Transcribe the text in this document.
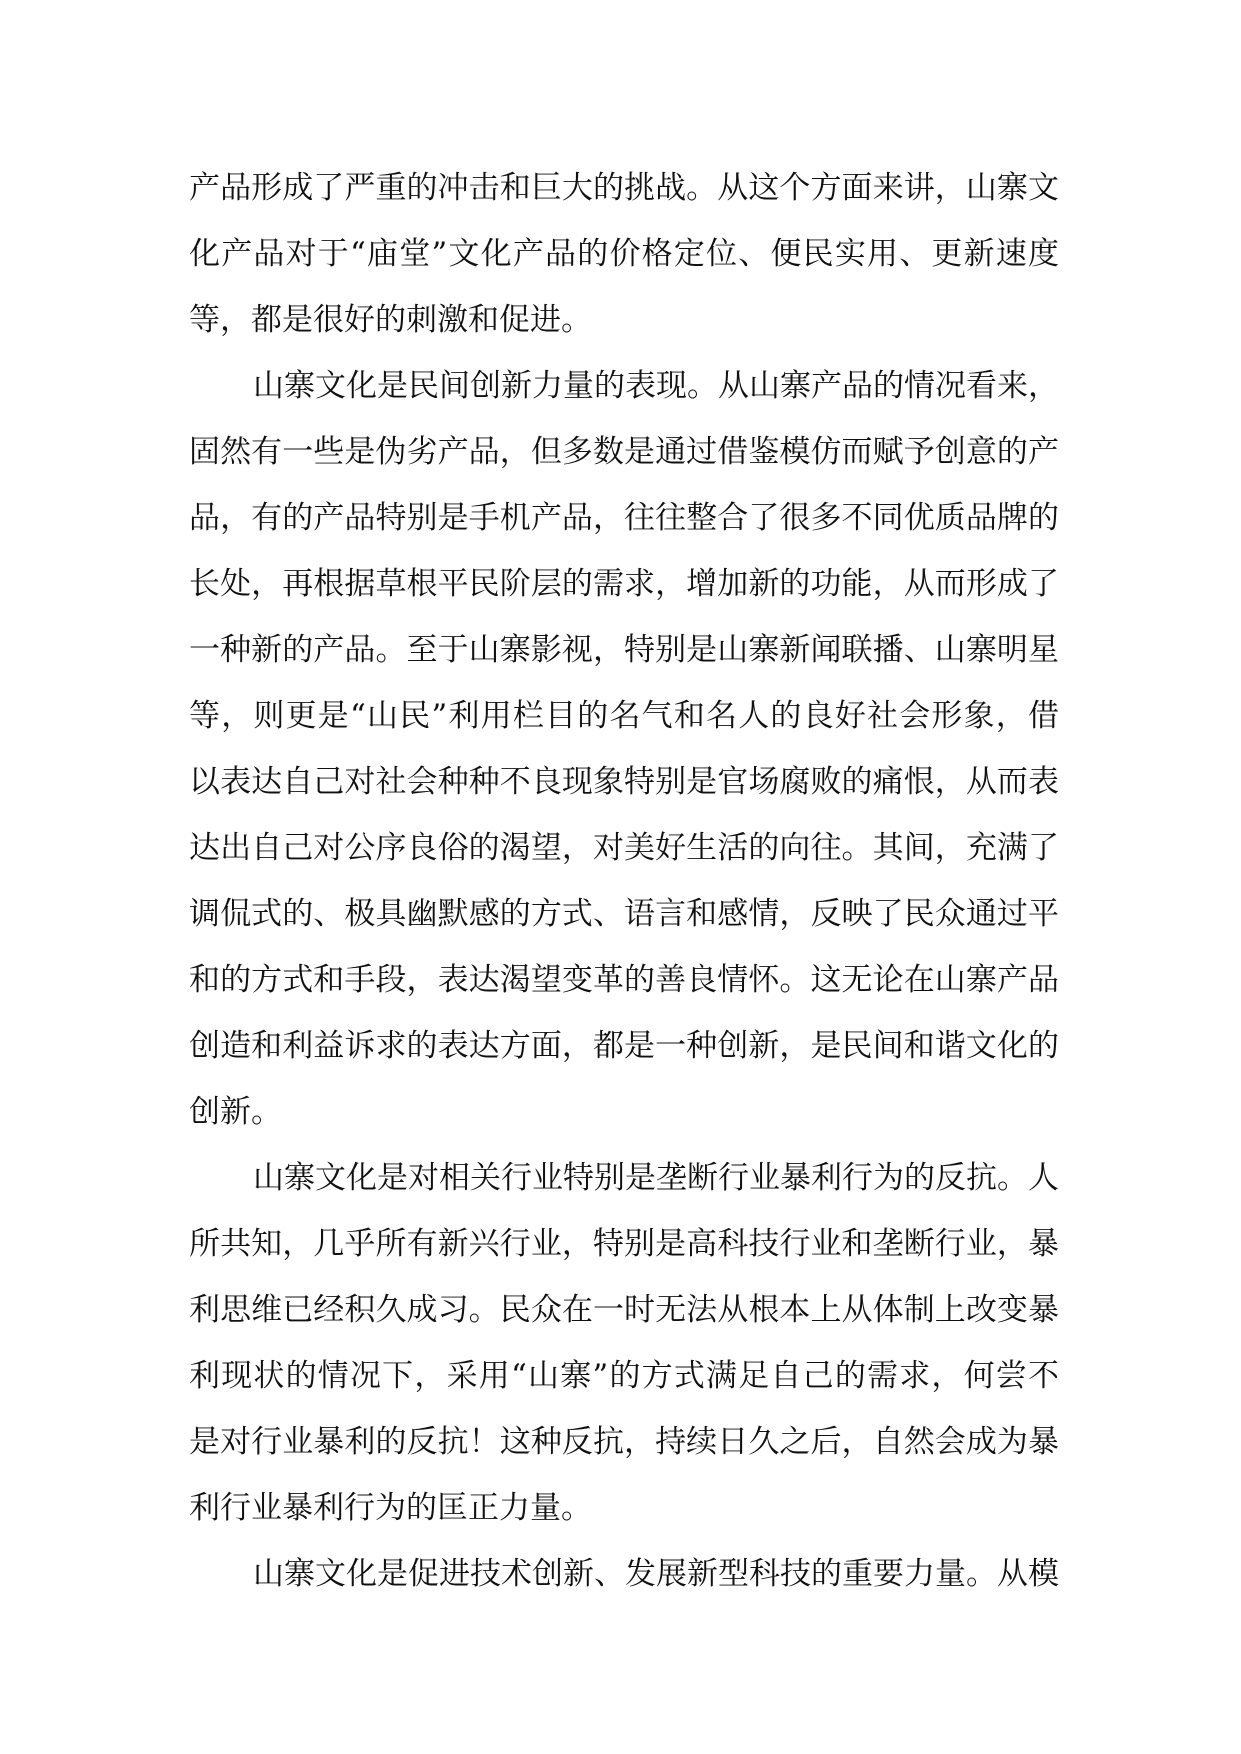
产品形成了严重的冲击和巨大的挑战。从这个方面来讲，山寨文
化产品对于“庙堂”文化产品的价格定位、便民实用、更新速度
等，都是很好的刺激和促进。
山寨文化是民间创新力量的表现。从山寨产品的情况看来，
固然有一些是伪劣产品，但多数是通过借鉴模仿而赋予创意的产
品，有的产品特别是手机产品，往往整合了很多不同优质品牌的
长处，再根据草根平民阶层的需求，增加新的功能，从而形成了
一种新的产品。至于山寨影视，特别是山寨新闻联播、山寨明星
等，则更是“山民”利用栏目的名气和名人的良好社会形象，借
以表达自己对社会种种不良现象特别是官场腐败的痛恨，从而表
达出自己对公序良俗的渴望，对美好生活的向往。其间，充满了
调侃式的、极具幽默感的方式、语言和感情，反映了民众通过平
和的方式和手段，表达渴望变革的善良情怀。这无论在山寨产品
创造和利益诉求的表达方面，都是一种创新，是民间和谐文化的
创新。
山寨文化是对相关行业特别是垄断行业暴利行为的反抗。人
所共知，几乎所有新兴行业，特别是高科技行业和垄断行业，暴
利思维已经积久成习。民众在一时无法从根本上从体制上改变暴
利现状的情况下，采用“山寨”的方式满足自己的需求，何尝不
是对行业暴利的反抗！这种反抗，持续日久之后，自然会成为暴
利行业暴利行为的匡正力量。
山寨文化是促进技术创新、发展新型科技的重要力量。从模
